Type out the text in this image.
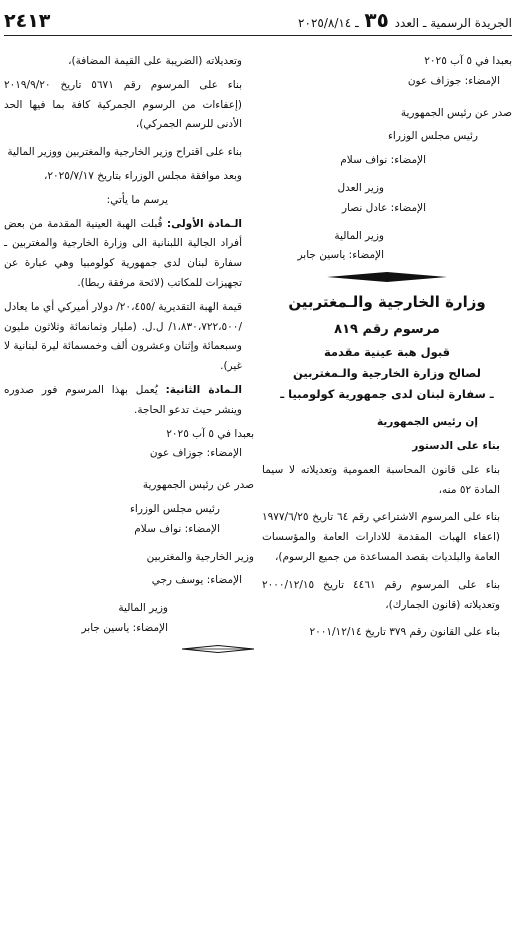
الجريدة الرسمية ـ العدد ٣٥ ـ ٢٠٢٥/٨/١٤
٢٤١٣

بعبدا في ٥ آب ٢٠٢٥

الإمضاء: جوزاف عون

صدر عن رئيس الجمهورية

رئيس مجلس الوزراء

الإمضاء: نواف سلام

وزير العدل

الإمضاء: عادل نصار

وزير المالية

الإمضاء: ياسين جابر

وزارة الخارجية والـمغتربين

مرسوم رقم ٨١٩

قبول هبة عينية مقدمة

لصالح وزارة الخارجية والـمغتربين

ـ سفارة لبنان لدى جمهورية كولومبيا ـ

إن رئيس الجمهورية

بناء على الدستور

بناء على قانون المحاسبة العمومية وتعديلاته لا سيما المادة ٥٢ منه،

بناء على المرسوم الاشتراعي رقم ٦٤ تاريخ ١٩٧٧/٦/٢٥ (اعفاء الهبات المقدمة للادارات العامة والمؤسسات العامة والبلديات بقصد المساعدة من جميع الرسوم)،

بناء على المرسوم رقم ٤٤٦١ تاريخ ٢٠٠٠/١٢/١٥ وتعديلاته (قانون الجمارك)،

بناء على القانون رقم ٣٧٩ تاريخ ٢٠٠١/١٢/١٤

وتعديلاته (الضريبة على القيمة المضافة)،

بناء على المرسوم رقم ٥٦٧١ تاريخ ٢٠١٩/٩/٢٠ (إعفاءات من الرسوم الجمركية كافة بما فيها الحد الأدنى للرسم الجمركي)،

بناء على اقتراح وزير الخارجية والمغتربين ووزير المالية

وبعد موافقة مجلس الوزراء بتاريخ ٢٠٢٥/٧/١٧،

يرسم ما يأتي:

الـمادة الأولى: قُبلت الهبة العينية المقدمة من بعض أفراد الجالية اللبنانية الى وزارة الخارجية والمغتربين ـ سفارة لبنان لدى جمهورية كولومبيا وهي عبارة عن تجهيزات للمكاتب (لائحة مرفقة ربطا).

قيمة الهبة التقديرية /٢٠،٤٥٥/ دولار أميركي أي ما يعادل /١،٨٣٠،٧٢٢،٥٠٠/ ل.ل. (مليار وثمانمائة وثلاثون مليون وسبعمائة وإثنان وعشرون ألف وخمسمائة ليرة لبنانية لا غير).

الـمادة الثانية: يُعمل بهذا المرسوم فور صدوره وينشر حيث تدعو الحاجة.

بعبدا في ٥ آب ٢٠٢٥

الإمضاء: جوزاف عون

صدر عن رئيس الجمهورية

رئيس مجلس الوزراء

الإمضاء: نواف سلام

وزير الخارجية والمغتربين

الإمضاء: يوسف رجي

وزير المالية

الإمضاء: ياسين جابر
